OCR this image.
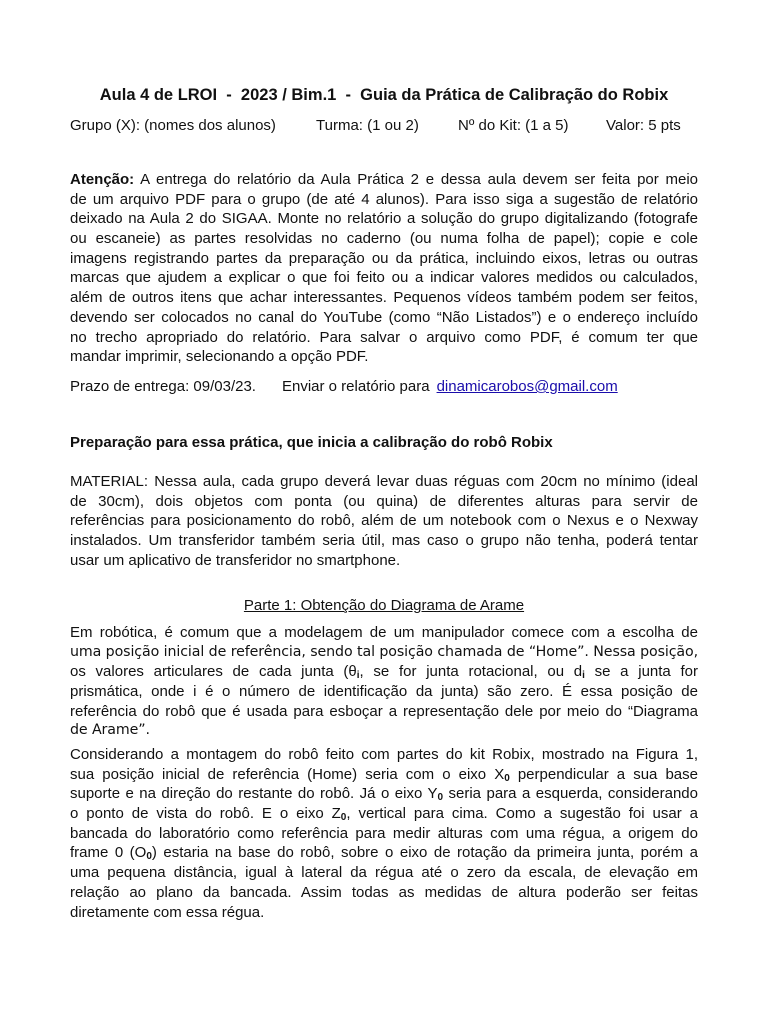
Aula 4 de LROI  -  2023 / Bim.1  -  Guia da Prática de Calibração do Robix
Grupo (X): (nomes dos alunos)	Turma: (1 ou 2)	Nº do Kit: (1 a 5) Valor: 5 pts
Atenção: A entrega do relatório da Aula Prática 2 e dessa aula devem ser feita por meio
de um arquivo PDF para o grupo (de até 4 alunos). Para isso siga a sugestão de relatório
deixado na Aula 2 do SIGAA. Monte no relatório a solução do grupo digitalizando (fotografe
ou escaneie) as partes resolvidas no caderno (ou numa folha de papel); copie e cole
imagens registrando partes da preparação ou da prática, incluindo eixos, letras ou outras
marcas que ajudem a explicar o que foi feito ou a indicar valores medidos ou calculados,
além de outros itens que achar interessantes. Pequenos vídeos também podem ser feitos,
devendo ser colocados no canal do YouTube (como “Não Listados”) e o endereço incluído
no trecho apropriado do relatório. Para salvar o arquivo como PDF, é comum ter que
mandar imprimir, selecionando a opção PDF.
Prazo de entrega: 09/03/23. Enviar o relatório para dinamicarobos@gmail.com
Preparação para essa prática, que inicia a calibração do robô Robix
MATERIAL: Nessa aula, cada grupo deverá levar duas réguas com 20cm no mínimo (ideal
de 30cm), dois objetos com ponta (ou quina) de diferentes alturas para servir de
referências para posicionamento do robô, além de um notebook com o Nexus e o Nexway
instalados. Um transferidor também seria útil, mas caso o grupo não tenha, poderá tentar
usar um aplicativo de transferidor no smartphone.
Parte 1: Obtenção do Diagrama de Arame
Em robótica, é comum que a modelagem de um manipulador comece com a escolha de
uma posição inicial de referência, sendo tal posição chamada de “Home”. Nessa posição,
os valores articulares de cada junta ($\theta_i$, se for junta rotacional, ou $d_i$ se a junta for
prismática, onde i é o número de identificação da junta) são zero. É essa posição de
referência do robô que é usada para esboçar a representação dele por meio do “Diagrama
de Arame”.
Considerando a montagem do robô feito com partes do kit Robix, mostrado na Figura 1,
sua posição inicial de referência (Home) seria com o eixo $X_0$ perpendicular a sua base
suporte e na direção do restante do robô. Já o eixo $Y_0$ seria para a esquerda, considerando
o ponto de vista do robô. E o eixo $Z_0$, vertical para cima. Como a sugestão foi usar a
bancada do laboratório como referência para medir alturas com uma régua, a origem do
frame 0 $(O_0)$ estaria na base do robô, sobre o eixo de rotação da primeira junta, porém a
uma pequena distância, igual à lateral da régua até o zero da escala, de elevação em
relação ao plano da bancada. Assim todas as medidas de altura poderão ser feitas
diretamente com essa régua.
